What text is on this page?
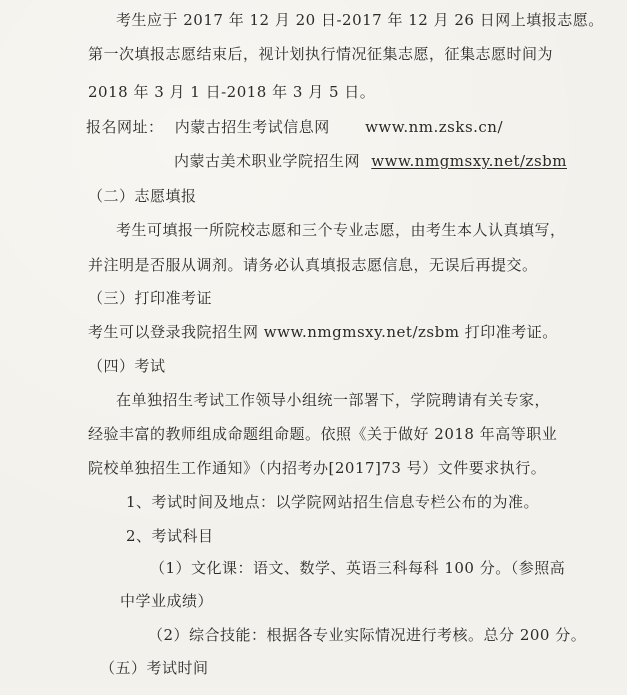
考生应于 2017 年 12 月 20 日-2017 年 12 月 26 日网上填报志愿。
第一次填报志愿结束后，视计划执行情况征集志愿，征集志愿时间为
2018 年 3 月 1 日-2018 年 3 月 5 日。
报名网址： 内蒙古招生考试信息网 www.nm.zsks.cn/
内蒙古美术职业学院招生网 www.nmgmsxy.net/zsbm
（二）志愿填报
考生可填报一所院校志愿和三个专业志愿，由考生本人认真填写，
并注明是否服从调剂。请务必认真填报志愿信息，无误后再提交。
（三）打印准考证
考生可以登录我院招生网 www.nmgmsxy.net/zsbm 打印准考证。
（四）考试
在单独招生考试工作领导小组统一部署下，学院聘请有关专家，
经验丰富的教师组成命题组命题。依照《关于做好 2018 年高等职业
院校单独招生工作通知》（内招考办[2017]73 号）文件要求执行。
1、考试时间及地点：以学院网站招生信息专栏公布的为准。
2、考试科目
（1）文化课：语文、数学、英语三科每科 100 分。（参照高
中学业成绩）
（2）综合技能：根据各专业实际情况进行考核。总分 200 分。
（五）考试时间
